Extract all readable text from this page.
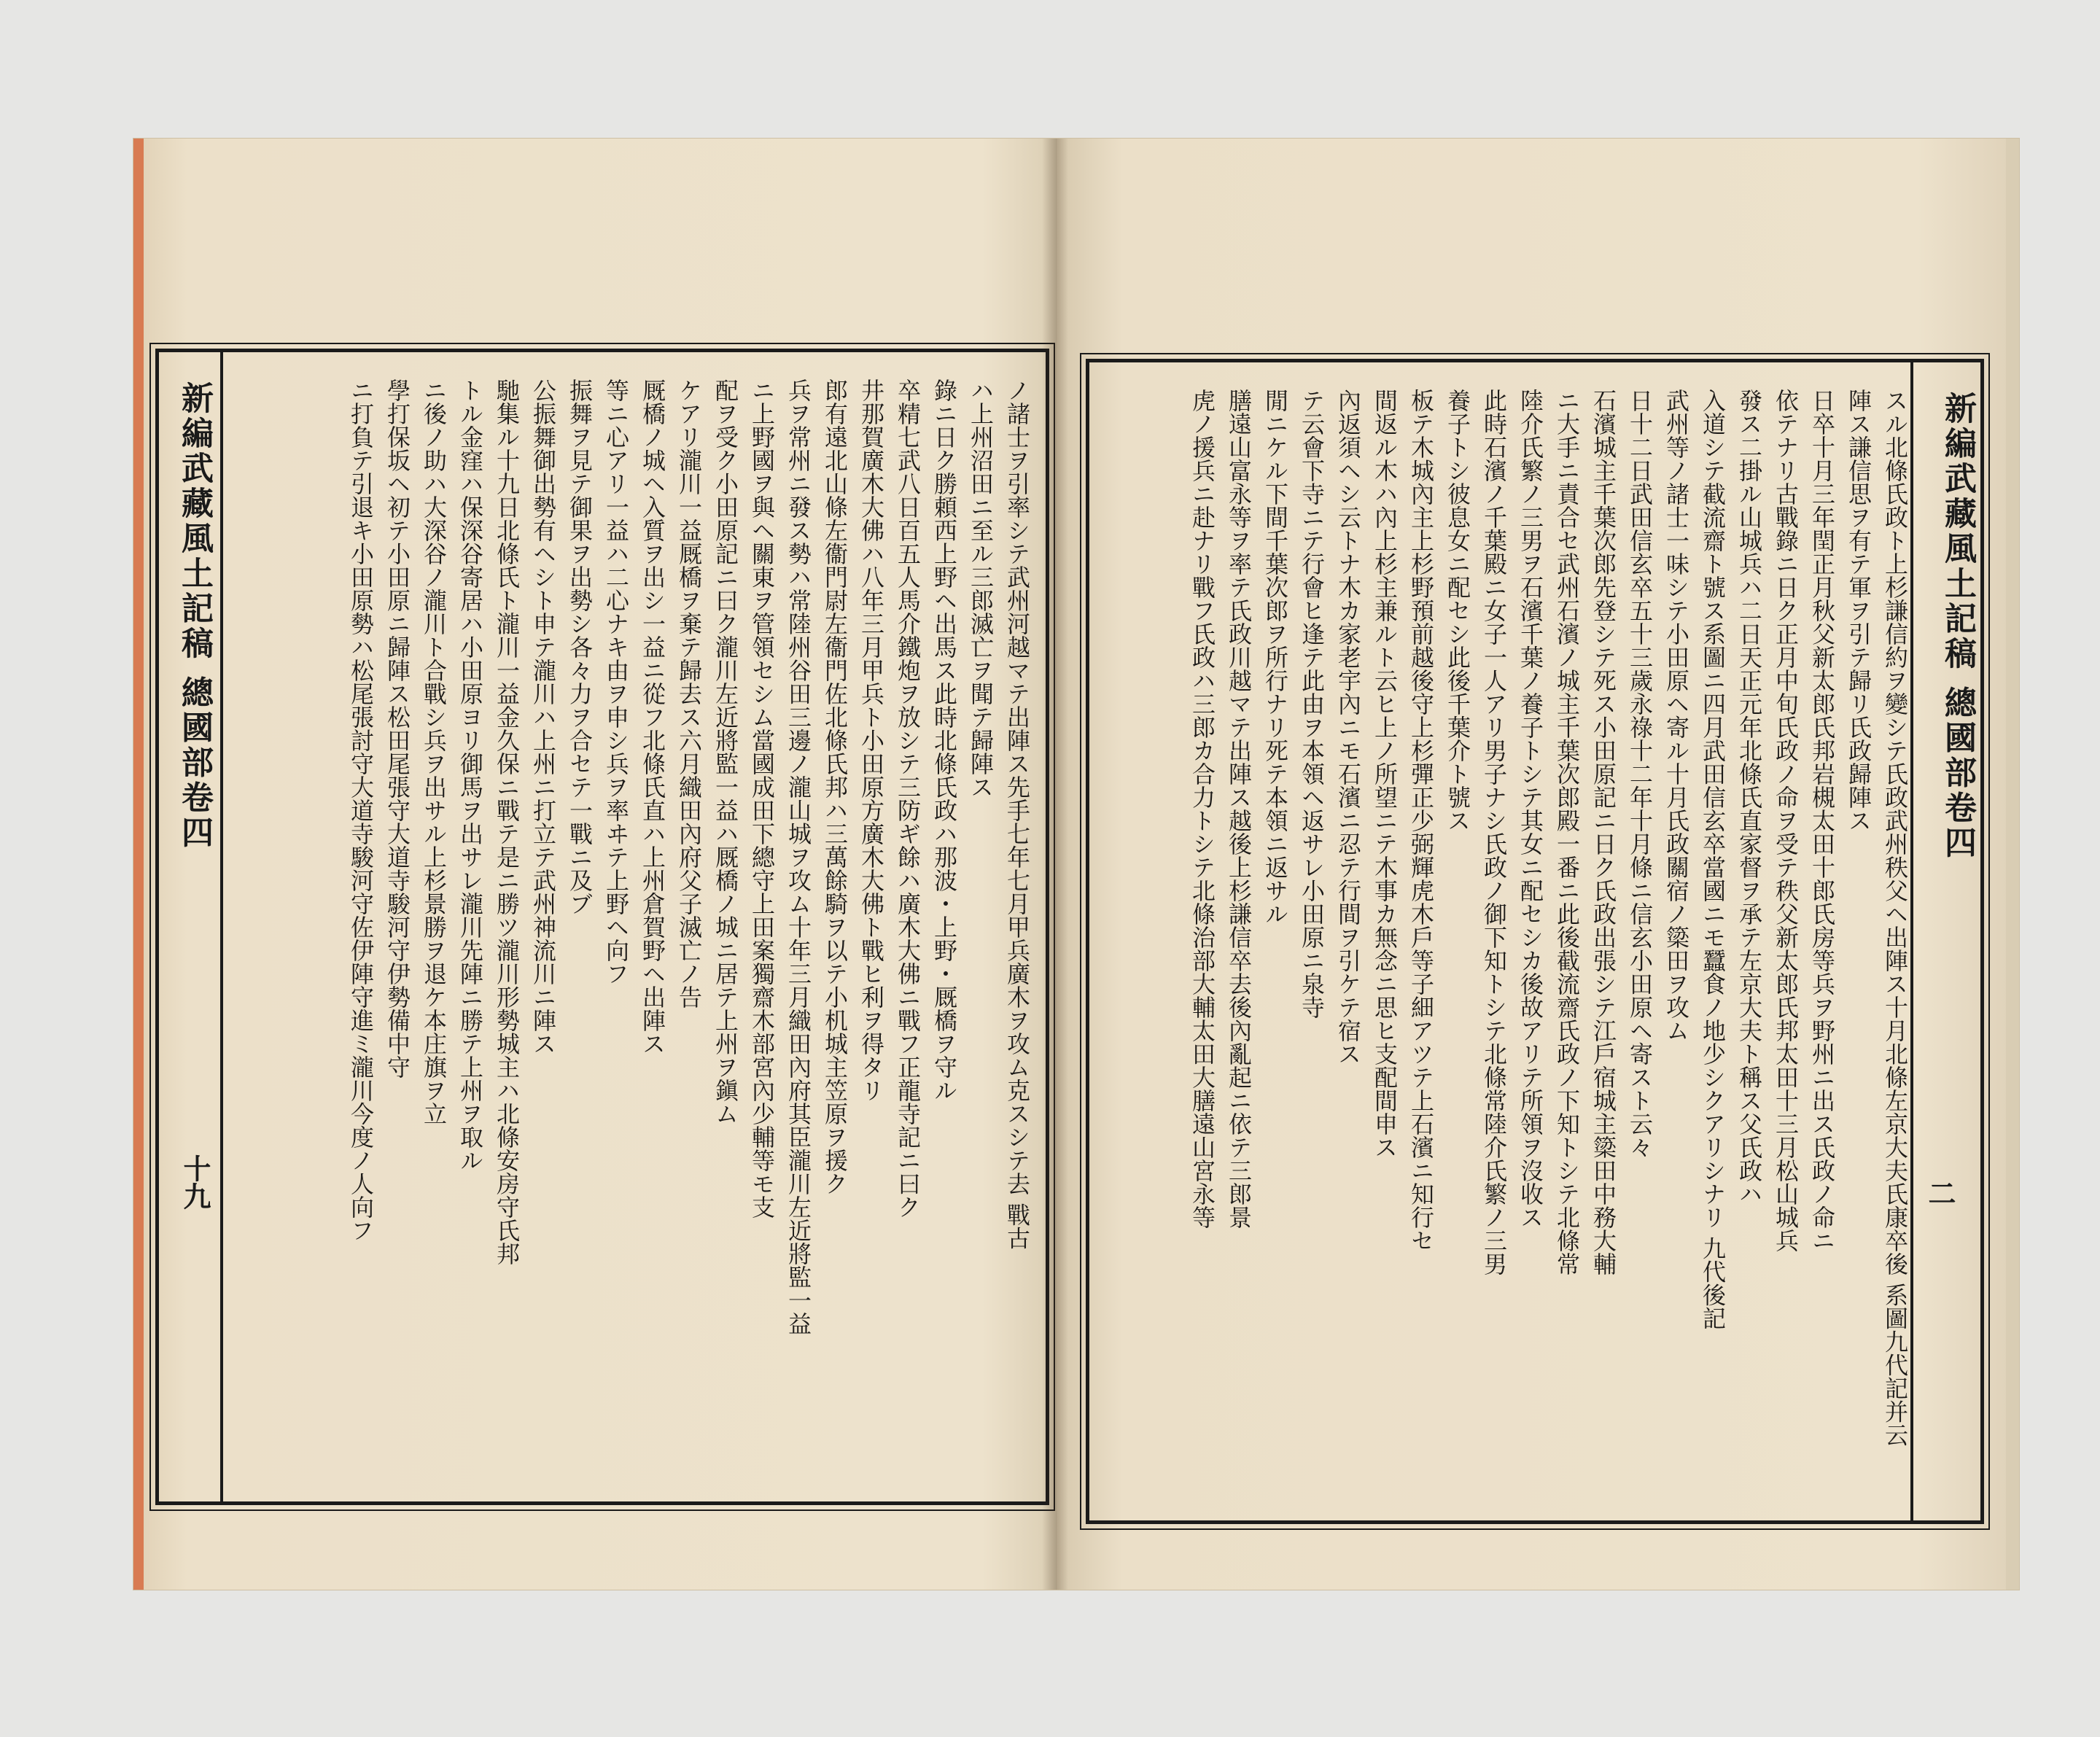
新編武藏風土記稿 總國部卷四
十九	ノ諸士ヲ引率シテ武州河越マテ出陣ス先手七年七月甲兵廣木ヲ攻ム克スシテ去 戰古
ハ上州沼田ニ至ル三郎滅亡ヲ聞テ歸陣ス
錄ニ日ク勝頼西上野ヘ出馬ス此時北條氏政ハ那波・上野・厩橋ヲ守ル
卒精七武八日百五人馬介鐵炮ヲ放シテ三防ギ餘ハ廣木大佛ニ戰フ正龍寺記ニ曰ク
井那賀廣木大佛ハ八年三月甲兵ト小田原方廣木大佛ト戰ヒ利ヲ得タリ
郎有遠北山條左衞門尉左衞門佐北條氏邦ハ三萬餘騎ヲ以テ小机城主笠原ヲ援ク
兵ヲ常州ニ發ス勢ハ常陸州谷田三邊ノ瀧山城ヲ攻ム十年三月織田內府其臣瀧川左近將監一益
ニ上野國ヲ與ヘ關東ヲ管領セシム當國成田下總守上田案獨齋木部宮內少輔等モ支
配ヲ受ク小田原記ニ曰ク瀧川左近將監一益ハ厩橋ノ城ニ居テ上州ヲ鎭ム
ケアリ瀧川一益厩橋ヲ棄テ歸去ス六月織田內府父子滅亡ノ告
厩橋ノ城ヘ入質ヲ出シ一益ニ從フ北條氏直ハ上州倉賀野ヘ出陣ス
等ニ心アリ一益ハ二心ナキ由ヲ申シ兵ヲ率ヰテ上野ヘ向フ
振舞ヲ見テ御果ヲ出勢シ各々力ヲ合セテ一戰ニ及ブ
公振舞御出勢有ヘシト申テ瀧川ハ上州ニ打立テ武州神流川ニ陣ス
馳集ル十九日北條氏ト瀧川一益金久保ニ戰テ是ニ勝ツ瀧川形勢城主ハ北條安房守氏邦
トル金窪ハ保深谷寄居ハ小田原ヨリ御馬ヲ出サレ瀧川先陣ニ勝テ上州ヲ取ル
ニ後ノ助ハ大深谷ノ瀧川ト合戰シ兵ヲ出サル上杉景勝ヲ退ケ本庄旗ヲ立
學打保坂ヘ初テ小田原ニ歸陣ス松田尾張守大道寺駿河守伊勢備中守
ニ打負テ引退キ小田原勢ハ松尾張討守大道寺駿河守佐伊陣守進ミ瀧川今度ノ人向フ	新編武藏風土記稿 總國部卷四
二
スル北條氏政ト上杉謙信約ヲ變シテ氏政武州秩父ヘ出陣ス十月北條左京大夫氏康卒後 系圖九代記并云
陣ス謙信思ヲ有テ軍ヲ引テ歸リ氏政歸陣ス
日卒十月三年閏正月秋父新太郎氏邦岩槻太田十郎氏房等兵ヲ野州ニ出ス氏政ノ命ニ
依テナリ古戰錄ニ日ク正月中旬氏政ノ命ヲ受テ秩父新太郎氏邦太田十三月松山城兵
發ス二掛ル山城兵ハ二日天正元年北條氏直家督ヲ承テ左京大夫ト稱ス父氏政ハ
入道シテ截流齋ト號ス系圖ニ四月武田信玄卒當國ニモ蠶食ノ地少シクアリシナリ 九代後記
武州等ノ諸士一味シテ小田原ヘ寄ル十月氏政關宿ノ簗田ヲ攻ム
日十二日武田信玄卒五十三歲永祿十二年十月條ニ信玄小田原ヘ寄スト云々
石濱城主千葉次郎先登シテ死ス小田原記ニ日ク氏政出張シテ江戶宿城主簗田中務大輔
ニ大手ニ責合セ武州石濱ノ城主千葉次郎殿一番ニ此後截流齋氏政ノ下知トシテ北條常
陸介氏繁ノ三男ヲ石濱千葉ノ養子トシテ其女ニ配セシカ後故アリテ所領ヲ沒收ス
此時石濱ノ千葉殿ニ女子一人アリ男子ナシ氏政ノ御下知トシテ北條常陸介氏繁ノ三男
養子トシ彼息女ニ配セシ此後千葉介ト號ス
板テ木城內主上杉野預前越後守上杉彈正少弼輝虎木戶等子細アツテ上石濱ニ知行セ
間返ル木ハ內上杉主兼ルト云ヒ上ノ所望ニテ木事カ無念ニ思ヒ支配間申ス
內返須ヘシ云トナ木カ家老宇內ニモ石濱ニ忍テ行間ヲ引ケテ宿ス
テ云會下寺ニテ行會ヒ逢テ此由ヲ本領ヘ返サレ小田原ニ泉寺
閒ニケル下間千葉次郎ヲ所行ナリ死テ本領ニ返サル
膳遠山富永等ヲ率テ氏政川越マテ出陣ス越後上杉謙信卒去後內亂起ニ依テ三郎景
虎ノ援兵ニ赴ナリ戰フ氏政ハ三郎カ合力トシテ北條治部大輔太田大膳遠山宮永等
